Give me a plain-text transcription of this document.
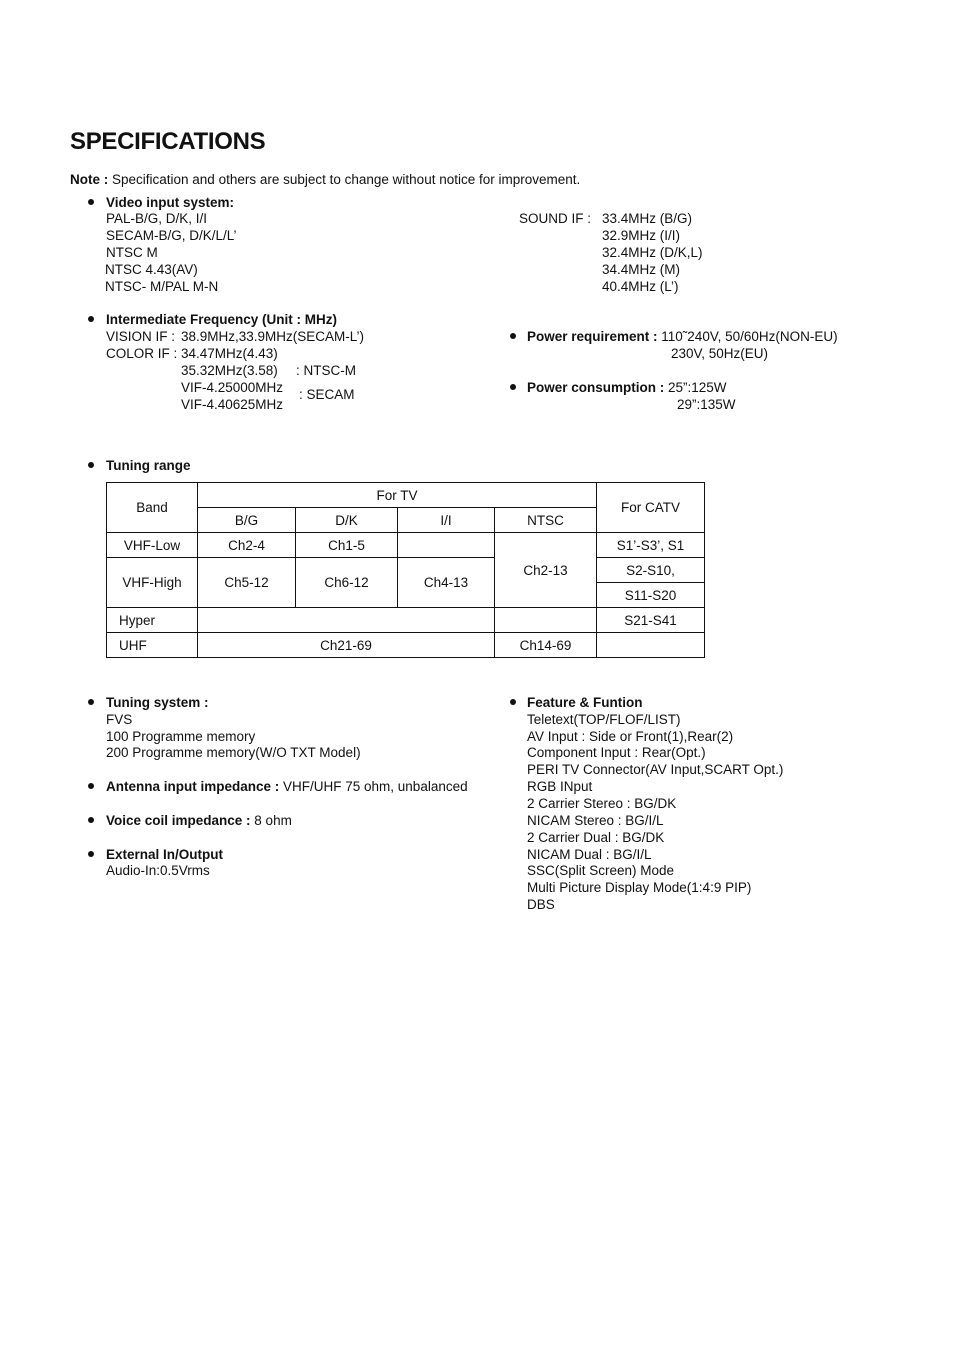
SPECIFICATIONS
Note : Specification and others are subject to change without notice for improvement.
Video input system:
PAL-B/G, D/K, I/I
SECAM-B/G, D/K/L/L’
NTSC M
NTSC 4.43(AV)
NTSC- M/PAL M-N
SOUND IF : 33.4MHz (B/G)
32.9MHz (I/I)
32.4MHz (D/K,L)
34.4MHz (M)
40.4MHz (L’)
Intermediate Frequency (Unit : MHz)
VISION IF : 38.9MHz,33.9MHz(SECAM-L’)
COLOR IF : 34.47MHz(4.43)
35.32MHz(3.58) : NTSC-M
VIF-4.25000MHz
VIF-4.40625MHz
: SECAM
Power requirement : 110˜240V, 50/60Hz(NON-EU)
230V, 50Hz(EU)
Power consumption : 25”:125W
29”:135W
Tuning range
Band	For TV				For CATV
	B/G	D/K	I/I	NTSC	
VHF-Low	Ch2-4	Ch1-5		Ch2-13	S1’-S3’, S1
VHF-High	Ch5-12	Ch6-12	Ch4-13		S2-S10,
					S11-S20
Hyper					S21-S41
UHF	Ch21-69			Ch14-69	
Tuning system :
FVS
100 Programme memory
200 Programme memory(W/O TXT Model)
Antenna input impedance : VHF/UHF 75 ohm, unbalanced
Voice coil impedance : 8 ohm
External In/Output
Audio-In:0.5Vrms
Feature & Funtion
Teletext(TOP/FLOF/LIST)
AV Input : Side or Front(1),Rear(2)
Component Input : Rear(Opt.)
PERI TV Connector(AV Input,SCART Opt.)
RGB INput
2 Carrier Stereo : BG/DK
NICAM Stereo : BG/I/L
2 Carrier Dual : BG/DK
NICAM Dual : BG/I/L
SSC(Split Screen) Mode
Multi Picture Display Mode(1:4:9 PIP)
DBS
